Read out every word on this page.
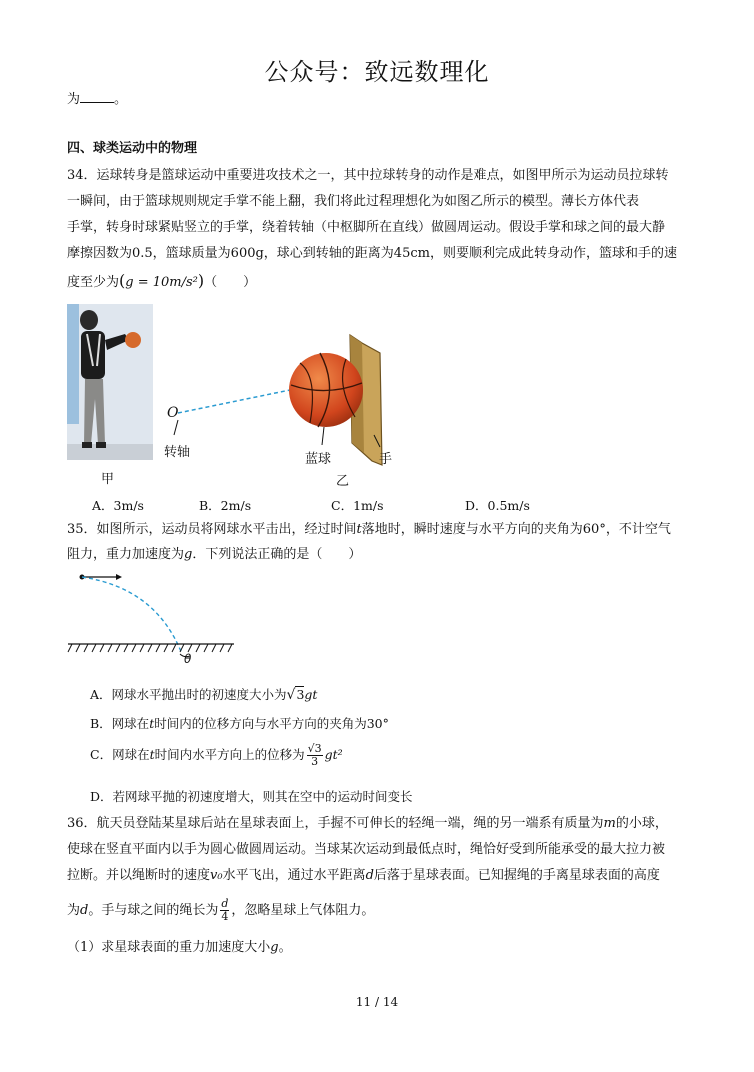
公众号：致远数理化
为	。
四、球类运动中的物理
34．运球转身是篮球运动中重要进攻技术之一，其中拉球转身的动作是难点，如图甲所示为运动员拉球转
一瞬间，由于篮球规则规定手掌不能上翻，我们将此过程理想化为如图乙所示的模型。薄长方体代表
手掌，转身时球紧贴竖立的手掌，绕着转轴（中枢脚所在直线）做圆周运动。假设手掌和球之间的最大静
摩擦因数为0.5，篮球质量为600g，球心到转轴的距离为45cm，则要顺利完成此转身动作，篮球和手的速
度至少为(g = 10m/s²)（　　）
甲
O
转轴	蓝球	手
乙
A．3m/s	B．2m/s	C．1m/s	D．0.5m/s
35．如图所示，运动员将网球水平击出，经过时间t落地时，瞬时速度与水平方向的夹角为60°，不计空气
阻力，重力加速度为g．下列说法正确的是（　　）
θ
A．网球水平抛出时的初速度大小为√3gt
B．网球在t时间内的位移方向与水平方向的夹角为30°
C．网球在t时间内水平方向上的位移为 $\frac{√3}{3} gt^2$
D．若网球平抛的初速度增大，则其在空中的运动时间变长
36．航天员登陆某星球后站在星球表面上，手握不可伸长的轻绳一端，绳的另一端系有质量为m的小球，
使球在竖直平面内以手为圆心做圆周运动。当球某次运动到最低点时，绳恰好受到所能承受的最大拉力被
拉断。并以绳断时的速度v₀水平飞出，通过水平距离d后落于星球表面。已知握绳的手离星球表面的高度
为d。手与球之间的绳长为 $\frac{d}{4}$ ，忽略星球上气体阻力。
（1）求星球表面的重力加速度大小g。
11 / 14
